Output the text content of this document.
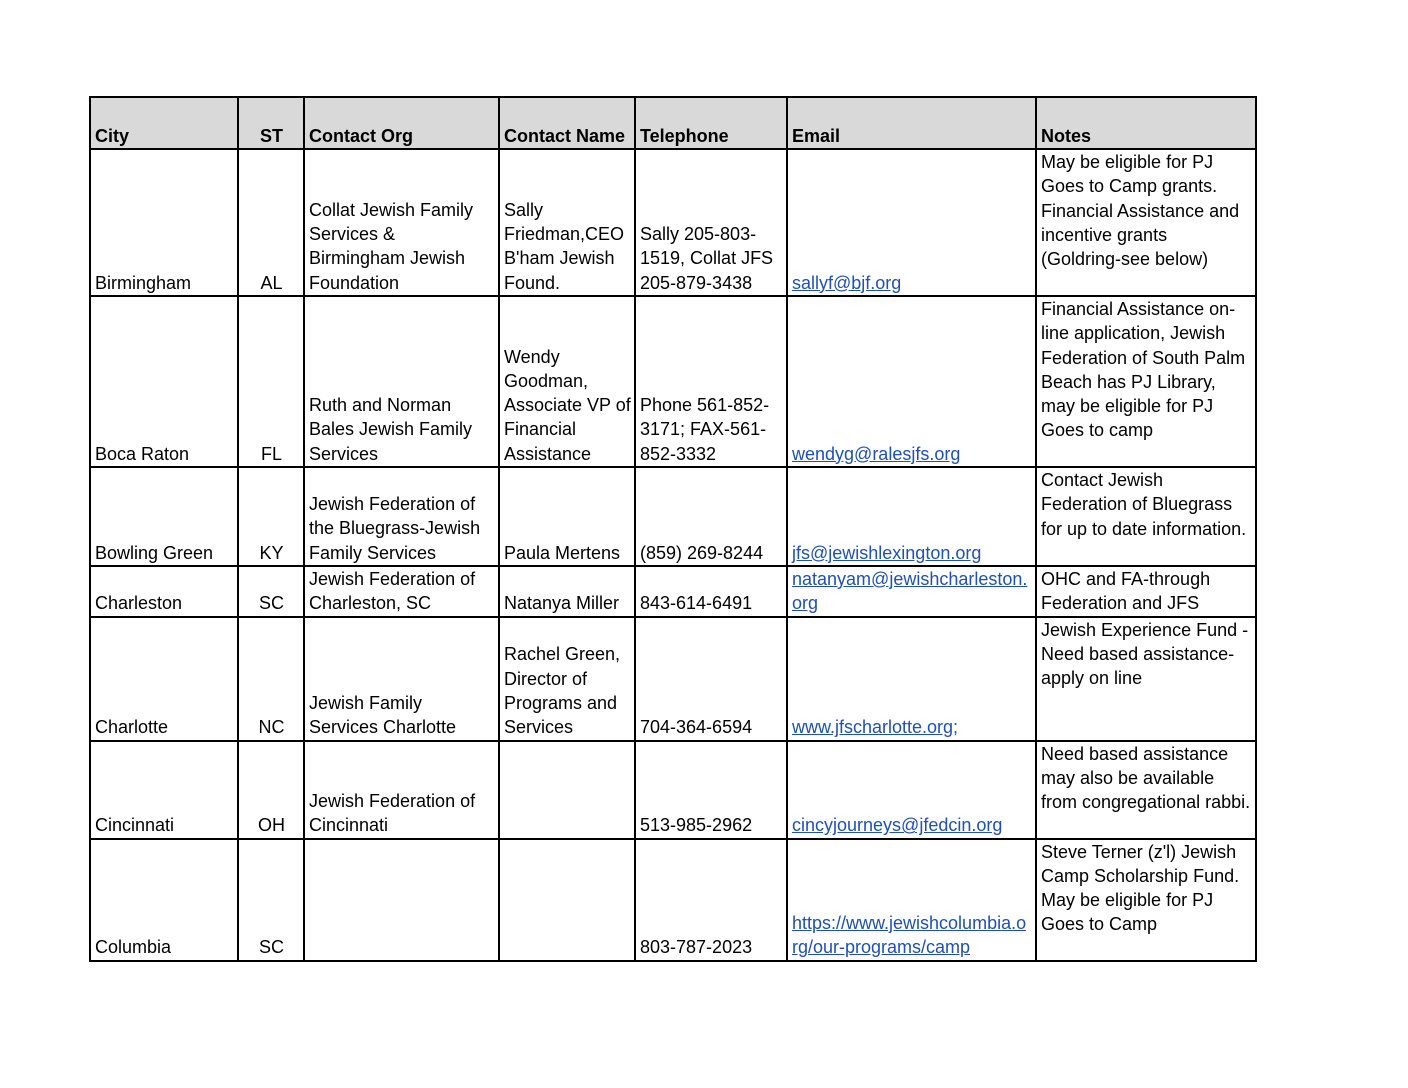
City	ST	Contact Org	Contact Name	Telephone	Email	Notes
Birmingham	AL	Collat Jewish Family Services & Birmingham Jewish Foundation	Sally Friedman,CEO B'ham Jewish Found.	Sally 205-803-1519, Collat JFS 205-879-3438	sallyf@bjf.org	May be eligible for PJ Goes to Camp grants. Financial Assistance and incentive grants (Goldring-see below)
Boca Raton	FL	Ruth and Norman Bales Jewish Family Services	Wendy Goodman, Associate VP of Financial Assistance	Phone 561-852-3171; FAX-561-852-3332	wendyg@ralesjfs.org	Financial Assistance on-line application, Jewish Federation of South Palm Beach has PJ Library, may be eligible for PJ Goes to camp
Bowling Green	KY	Jewish Federation of the Bluegrass-Jewish Family Services	Paula Mertens	(859) 269-8244	jfs@jewishlexington.org	Contact Jewish Federation of Bluegrass for up to date information.
Charleston	SC	Jewish Federation of Charleston, SC	Natanya Miller	843-614-6491	natanyam@jewishcharleston.org	OHC and FA-through Federation and JFS
Charlotte	NC	Jewish Family Services Charlotte	Rachel Green, Director of Programs and Services	704-364-6594	www.jfscharlotte.org;	Jewish Experience Fund - Need based assistance-apply on line
Cincinnati	OH	Jewish Federation of Cincinnati		513-985-2962	cincyjourneys@jfedcin.org	Need based assistance may also be available from congregational rabbi.
Columbia	SC			803-787-2023	https://www.jewishcolumbia.org/our-programs/camp	Steve Terner (z'l) Jewish Camp Scholarship Fund. May be eligible for PJ Goes to Camp
